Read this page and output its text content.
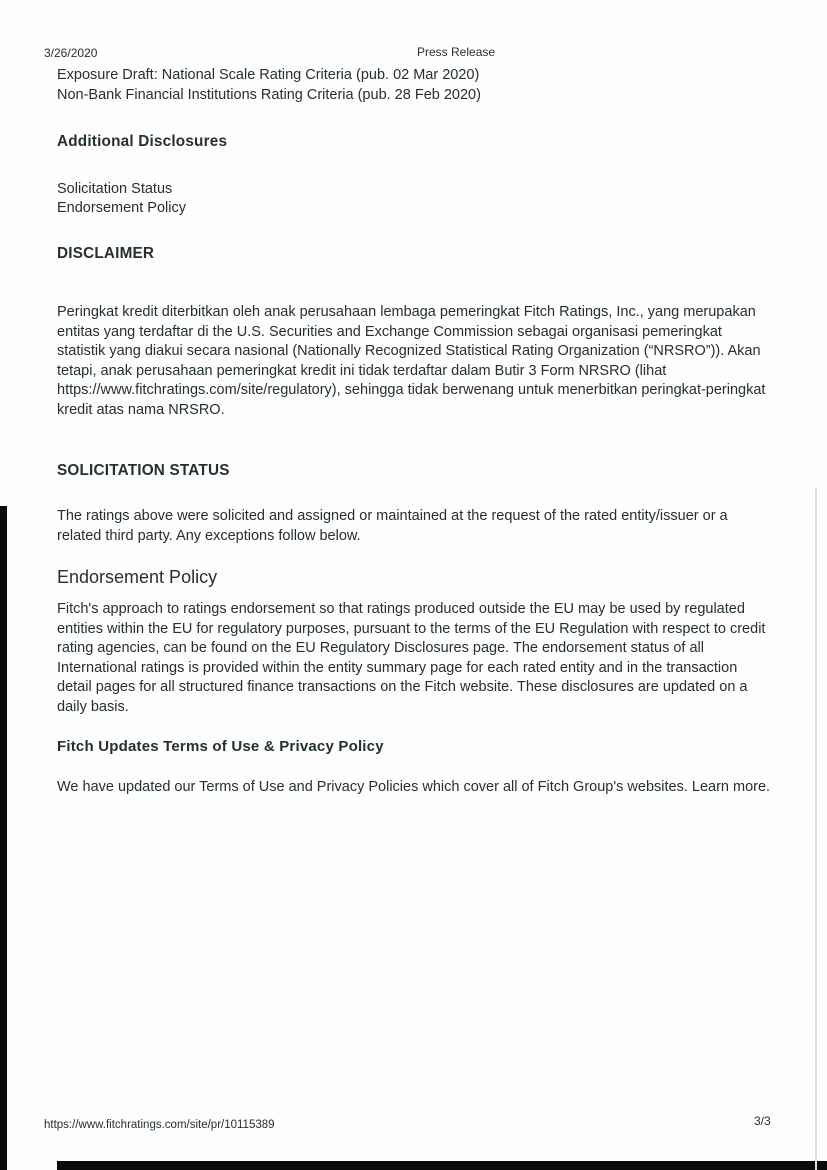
3/26/2020	Press Release
Exposure Draft: National Scale Rating Criteria (pub. 02 Mar 2020)
Non-Bank Financial Institutions Rating Criteria (pub. 28 Feb 2020)
Additional Disclosures
Solicitation Status
Endorsement Policy
DISCLAIMER
Peringkat kredit diterbitkan oleh anak perusahaan lembaga pemeringkat Fitch Ratings, Inc., yang merupakan entitas yang terdaftar di the U.S. Securities and Exchange Commission sebagai organisasi pemeringkat statistik yang diakui secara nasional (Nationally Recognized Statistical Rating Organization (“NRSRO”)). Akan tetapi, anak perusahaan pemeringkat kredit ini tidak terdaftar dalam Butir 3 Form NRSRO (lihat https://www.fitchratings.com/site/regulatory), sehingga tidak berwenang untuk menerbitkan peringkat-peringkat kredit atas nama NRSRO.
SOLICITATION STATUS
The ratings above were solicited and assigned or maintained at the request of the rated entity/issuer or a related third party. Any exceptions follow below.
Endorsement Policy
Fitch's approach to ratings endorsement so that ratings produced outside the EU may be used by regulated entities within the EU for regulatory purposes, pursuant to the terms of the EU Regulation with respect to credit rating agencies, can be found on the EU Regulatory Disclosures page. The endorsement status of all International ratings is provided within the entity summary page for each rated entity and in the transaction detail pages for all structured finance transactions on the Fitch website. These disclosures are updated on a daily basis.
Fitch Updates Terms of Use & Privacy Policy
We have updated our Terms of Use and Privacy Policies which cover all of Fitch Group's websites. Learn more.
https://www.fitchratings.com/site/pr/10115389	3/3
